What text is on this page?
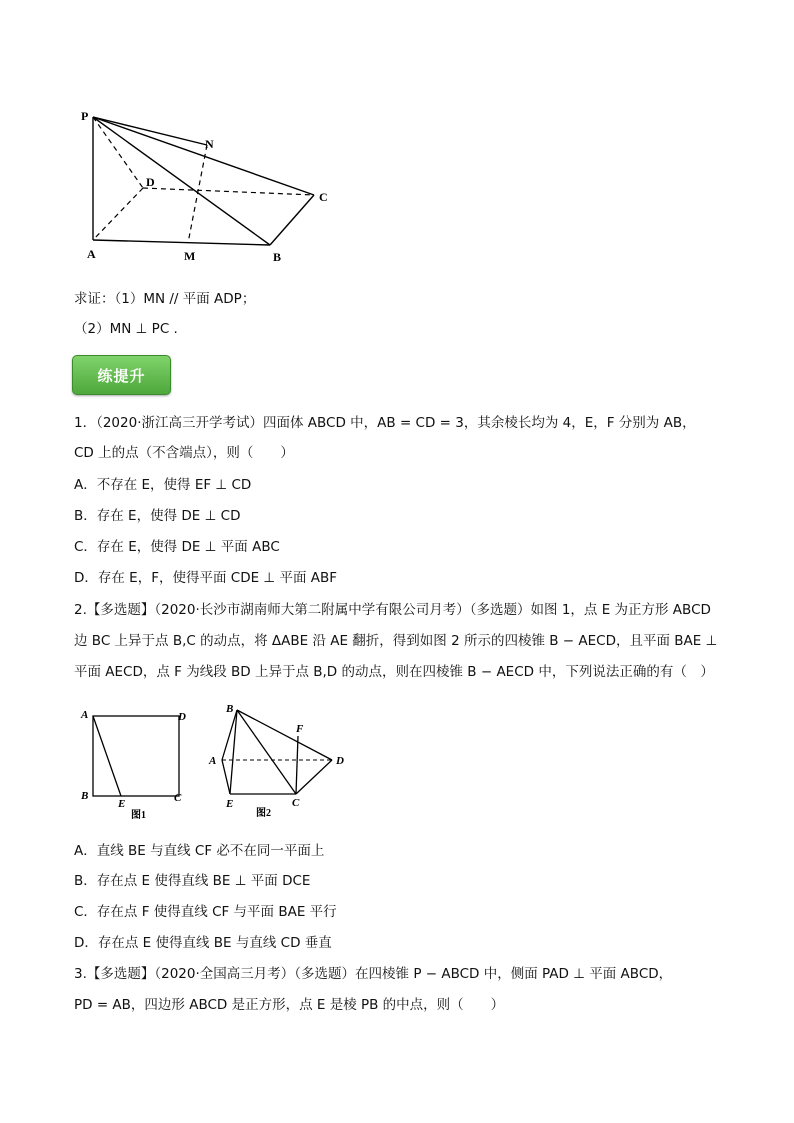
P
N
D
C
A	M	B
求证：（1）MN // 平面 ADP；
（2）MN ⊥ PC .
练提升
1．（2020·浙江高三开学考试）四面体 ABCD 中，AB = CD = 3，其余棱长均为 4，E，F 分别为 AB，
CD 上的点（不含端点），则（　　）
A．不存在 E，使得 EF ⊥ CD
B．存在 E，使得 DE ⊥ CD
C．存在 E，使得 DE ⊥ 平面 ABC
D．存在 E，F，使得平面 CDE ⊥ 平面 ABF
2.【多选题】（2020·长沙市湖南师大第二附属中学有限公司月考）（多选题）如图 1，点 E 为正方形 ABCD
边 BC 上异于点 B,C 的动点，将 ΔABE 沿 AE 翻折，得到如图 2 所示的四棱锥 B − AECD，且平面 BAE ⊥
平面 AECD，点 F 为线段 BD 上异于点 B,D 的动点，则在四棱锥 B − AECD 中，下列说法正确的有（　）
A	D
B
E	C
图1
B
F
A	D
E	C
图2
A．直线 BE 与直线 CF 必不在同一平面上
B．存在点 E 使得直线 BE ⊥ 平面 DCE
C．存在点 F 使得直线 CF 与平面 BAE 平行
D．存在点 E 使得直线 BE 与直线 CD 垂直
3.【多选题】（2020·全国高三月考）（多选题）在四棱锥 P − ABCD 中，侧面 PAD ⊥ 平面 ABCD，
PD = AB，四边形 ABCD 是正方形，点 E 是棱 PB 的中点，则（　　）
